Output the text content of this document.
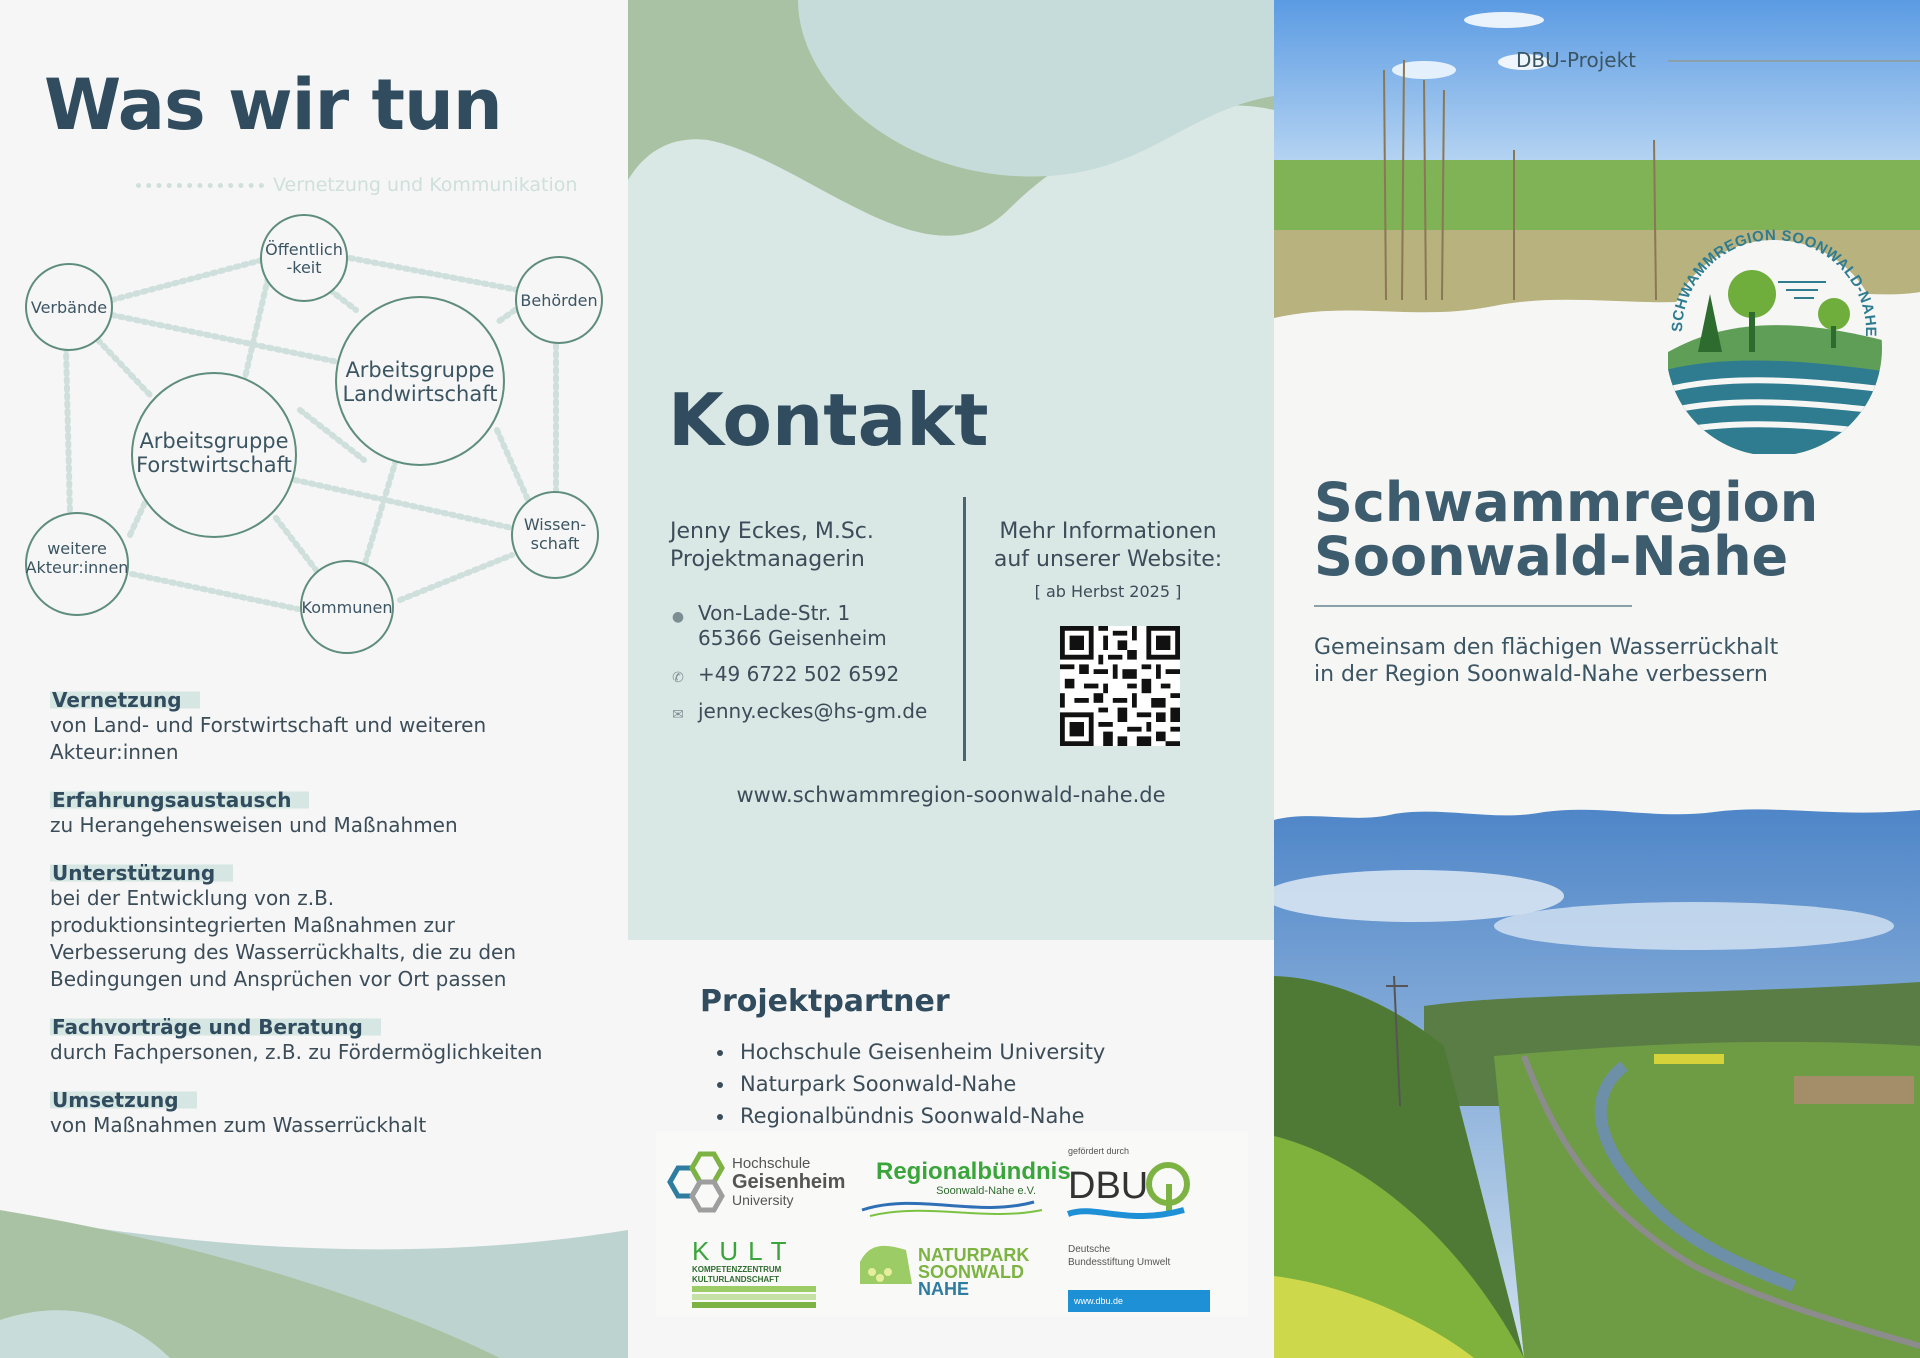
Was wir tun
Vernetzung und Kommunikation
Verbände
Öffentlich
-keit
Behörden
Arbeitsgruppe
Landwirtschaft
Arbeitsgruppe
Forstwirtschaft
weitere
Akteur:innen
Wissen-
schaft
Kommunen
Vernetzung
von Land- und Forstwirtschaft und weiteren
Akteur:innen
Erfahrungsaustausch
zu Herangehensweisen und Maßnahmen
Unterstützung
bei der Entwicklung von z.B.
produktionsintegrierten Maßnahmen zur
Verbesserung des Wasserrückhalts, die zu den
Bedingungen und Ansprüchen vor Ort passen
Fachvorträge und Beratung
durch Fachpersonen, z.B. zu Fördermöglichkeiten
Umsetzung
von Maßnahmen zum Wasserrückhalt
Kontakt
Jenny Eckes, M.Sc.
Projektmanagerin
● Von-Lade-Str. 1
65366 Geisenheim
✆ +49 6722 502 6592
✉ jenny.eckes@hs-gm.de
Mehr Informationen
auf unserer Website:
[ ab Herbst 2025 ]
www.schwammregion-soonwald-nahe.de
Projektpartner
• Hochschule Geisenheim University
• Naturpark Soonwald-Nahe
• Regionalbündnis Soonwald-Nahe
Hochschule
Geisenheim
University
Regionalbündnis
Soonwald-Nahe e.V.
gefördert durch
DBU
Deutsche
Bundesstiftung Umwelt
www.dbu.de
KULT
KOMPETENZZENTRUM
KULTURLANDSCHAFT
NATURPARK
SOONWALD
NAHE
DBU-Projekt
SCHWAMMREGION SOONWALD-NAHE
Schwammregion
Soonwald-Nahe
Gemeinsam den flächigen Wasserrückhalt
in der Region Soonwald-Nahe verbessern
